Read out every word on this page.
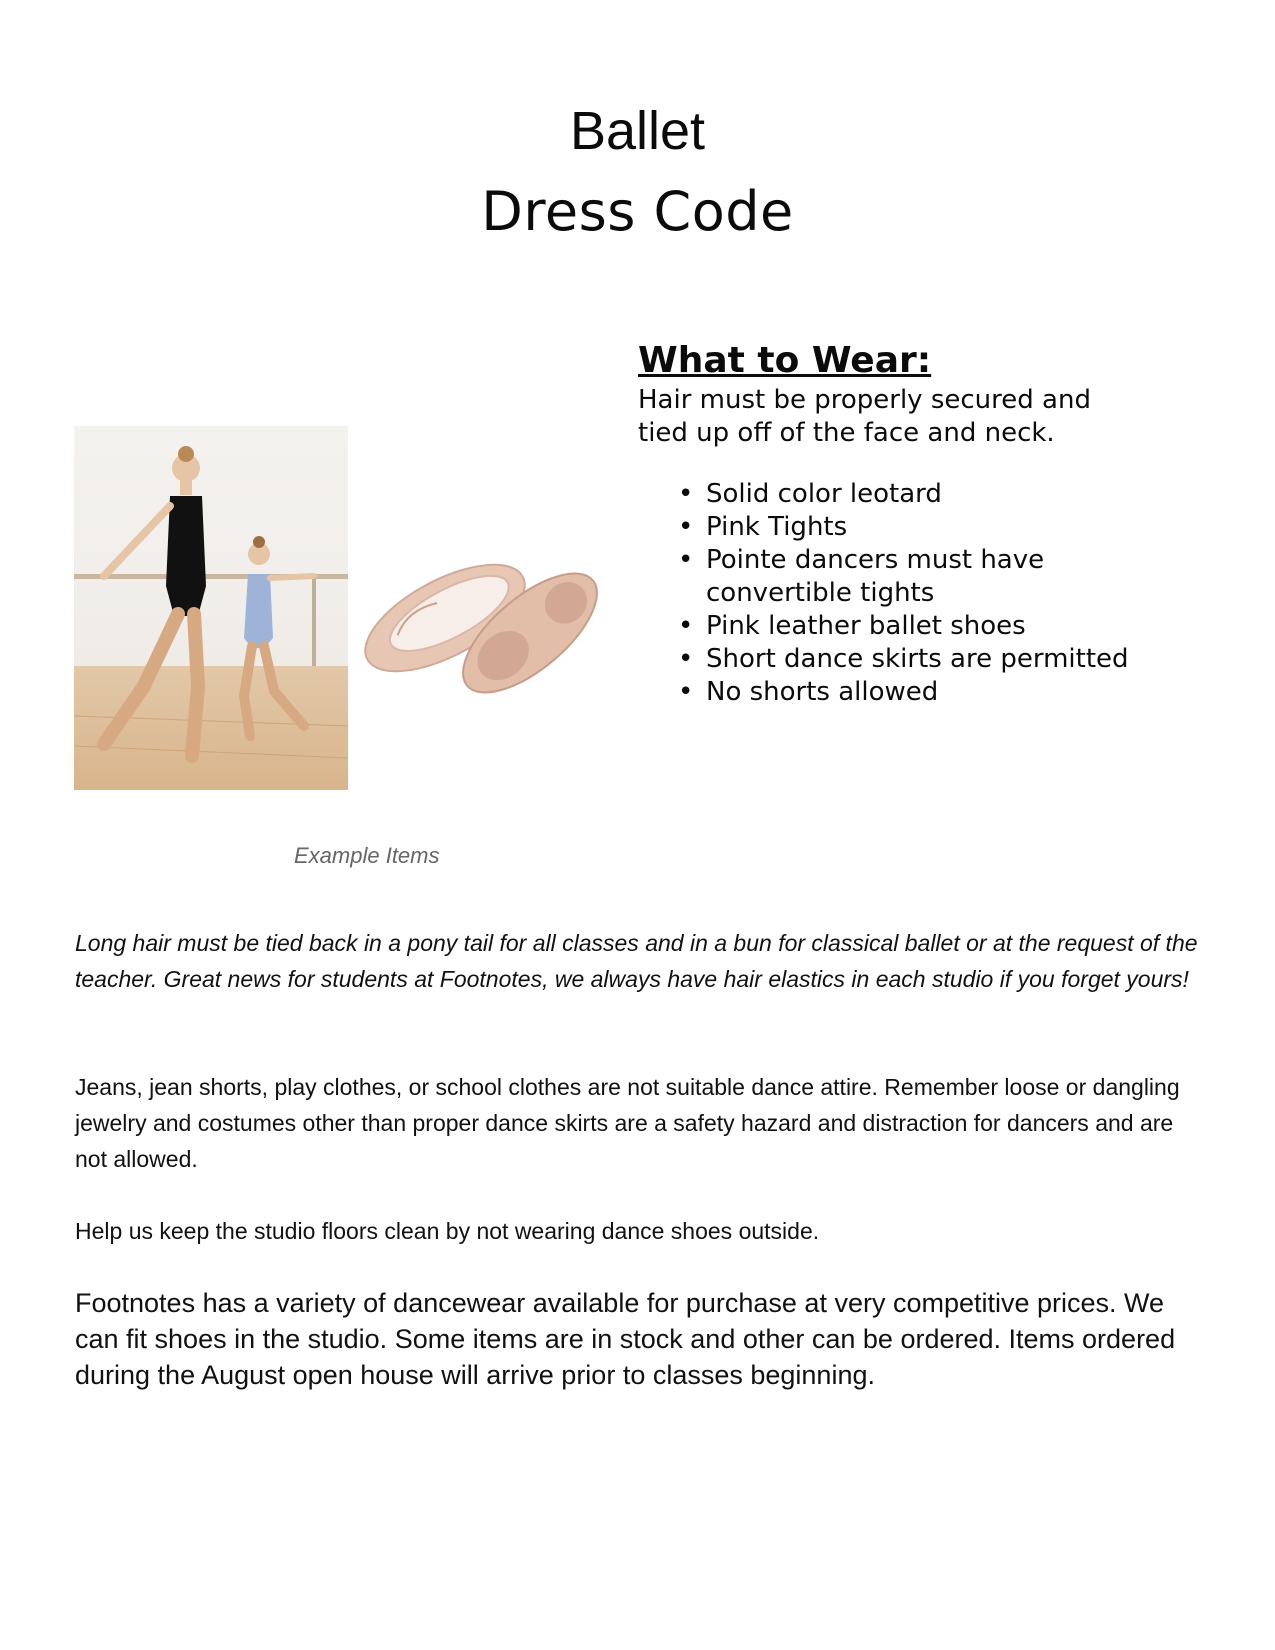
Ballet
Dress Code
Example Items
What to Wear:

Hair must be properly secured and tied up off of the face and neck.

• Solid color leotard
• Pink Tights
• Pointe dancers must have convertible tights
• Pink leather ballet shoes
• Short dance skirts are permitted
• No shorts allowed
Long hair must be tied back in a pony tail for all classes and in a bun for classical ballet or at the request of the teacher. Great news for students at Footnotes, we always have hair elastics in each studio if you forget yours!
Jeans, jean shorts, play clothes, or school clothes are not suitable dance attire. Remember loose or dangling jewelry and costumes other than proper dance skirts are a safety hazard and distraction for dancers and are not allowed.
Help us keep the studio floors clean by not wearing dance shoes outside.
Footnotes has a variety of dancewear available for purchase at very competitive prices. We can fit shoes in the studio. Some items are in stock and other can be ordered. Items ordered during the August open house will arrive prior to classes beginning.
